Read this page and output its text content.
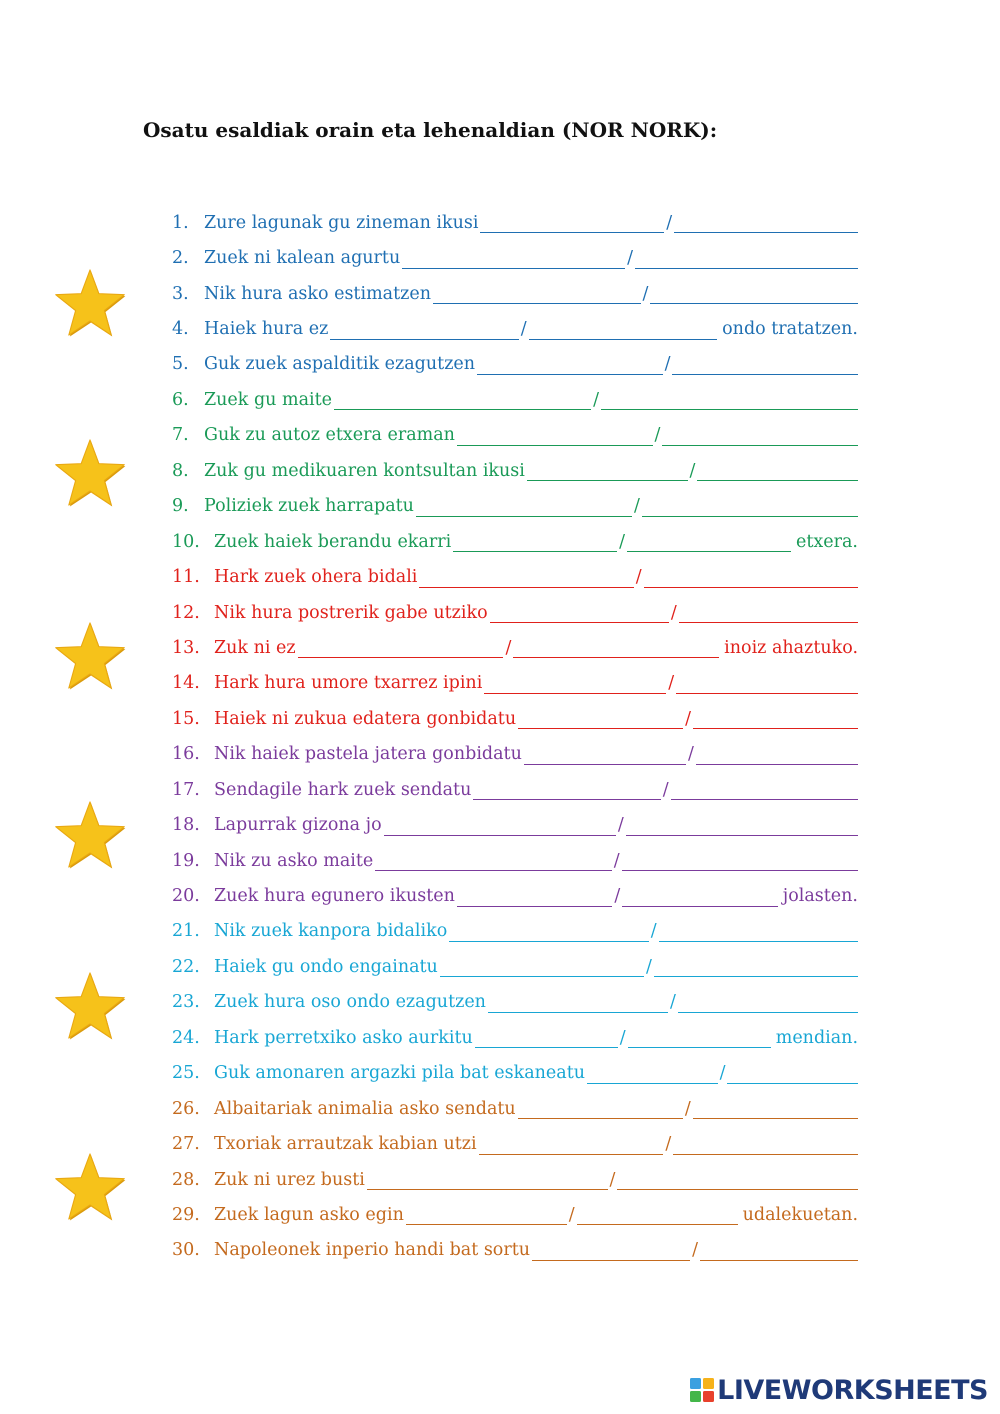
Osatu esaldiak orain eta lehenaldian (NOR NORK):
1. Zure lagunak gu zineman ikusi	/
2. Zuek ni kalean agurtu	/
3. Nik hura asko estimatzen	/
4. Haiek hura ez	/	ondo tratatzen.
5. Guk zuek aspalditik ezagutzen	/
6. Zuek gu maite	/
7. Guk zu autoz etxera eraman	/
8. Zuk gu medikuaren kontsultan ikusi	/
9. Poliziek zuek harrapatu	/
10. Zuek haiek berandu ekarri	/	etxera.
11. Hark zuek ohera bidali	/
12. Nik hura postrerik gabe utziko	/
13. Zuk ni ez	/	inoiz ahaztuko.
14. Hark hura umore txarrez ipini	/
15. Haiek ni zukua edatera gonbidatu	/
16. Nik haiek pastela jatera gonbidatu	/
17. Sendagile hark zuek sendatu	/
18. Lapurrak gizona jo	/
19. Nik zu asko maite	/
20. Zuek hura egunero ikusten	/	jolasten.
21. Nik zuek kanpora bidaliko	/
22. Haiek gu ondo engainatu	/
23. Zuek hura oso ondo ezagutzen	/
24. Hark perretxiko asko aurkitu	/	mendian.
25. Guk amonaren argazki pila bat eskaneatu	/
26. Albaitariak animalia asko sendatu	/
27. Txoriak arrautzak kabian utzi	/
28. Zuk ni urez busti	/
29. Zuek lagun asko egin	/	udalekuetan.
30. Napoleonek inperio handi bat sortu	/
LIVEWORKSHEETS
